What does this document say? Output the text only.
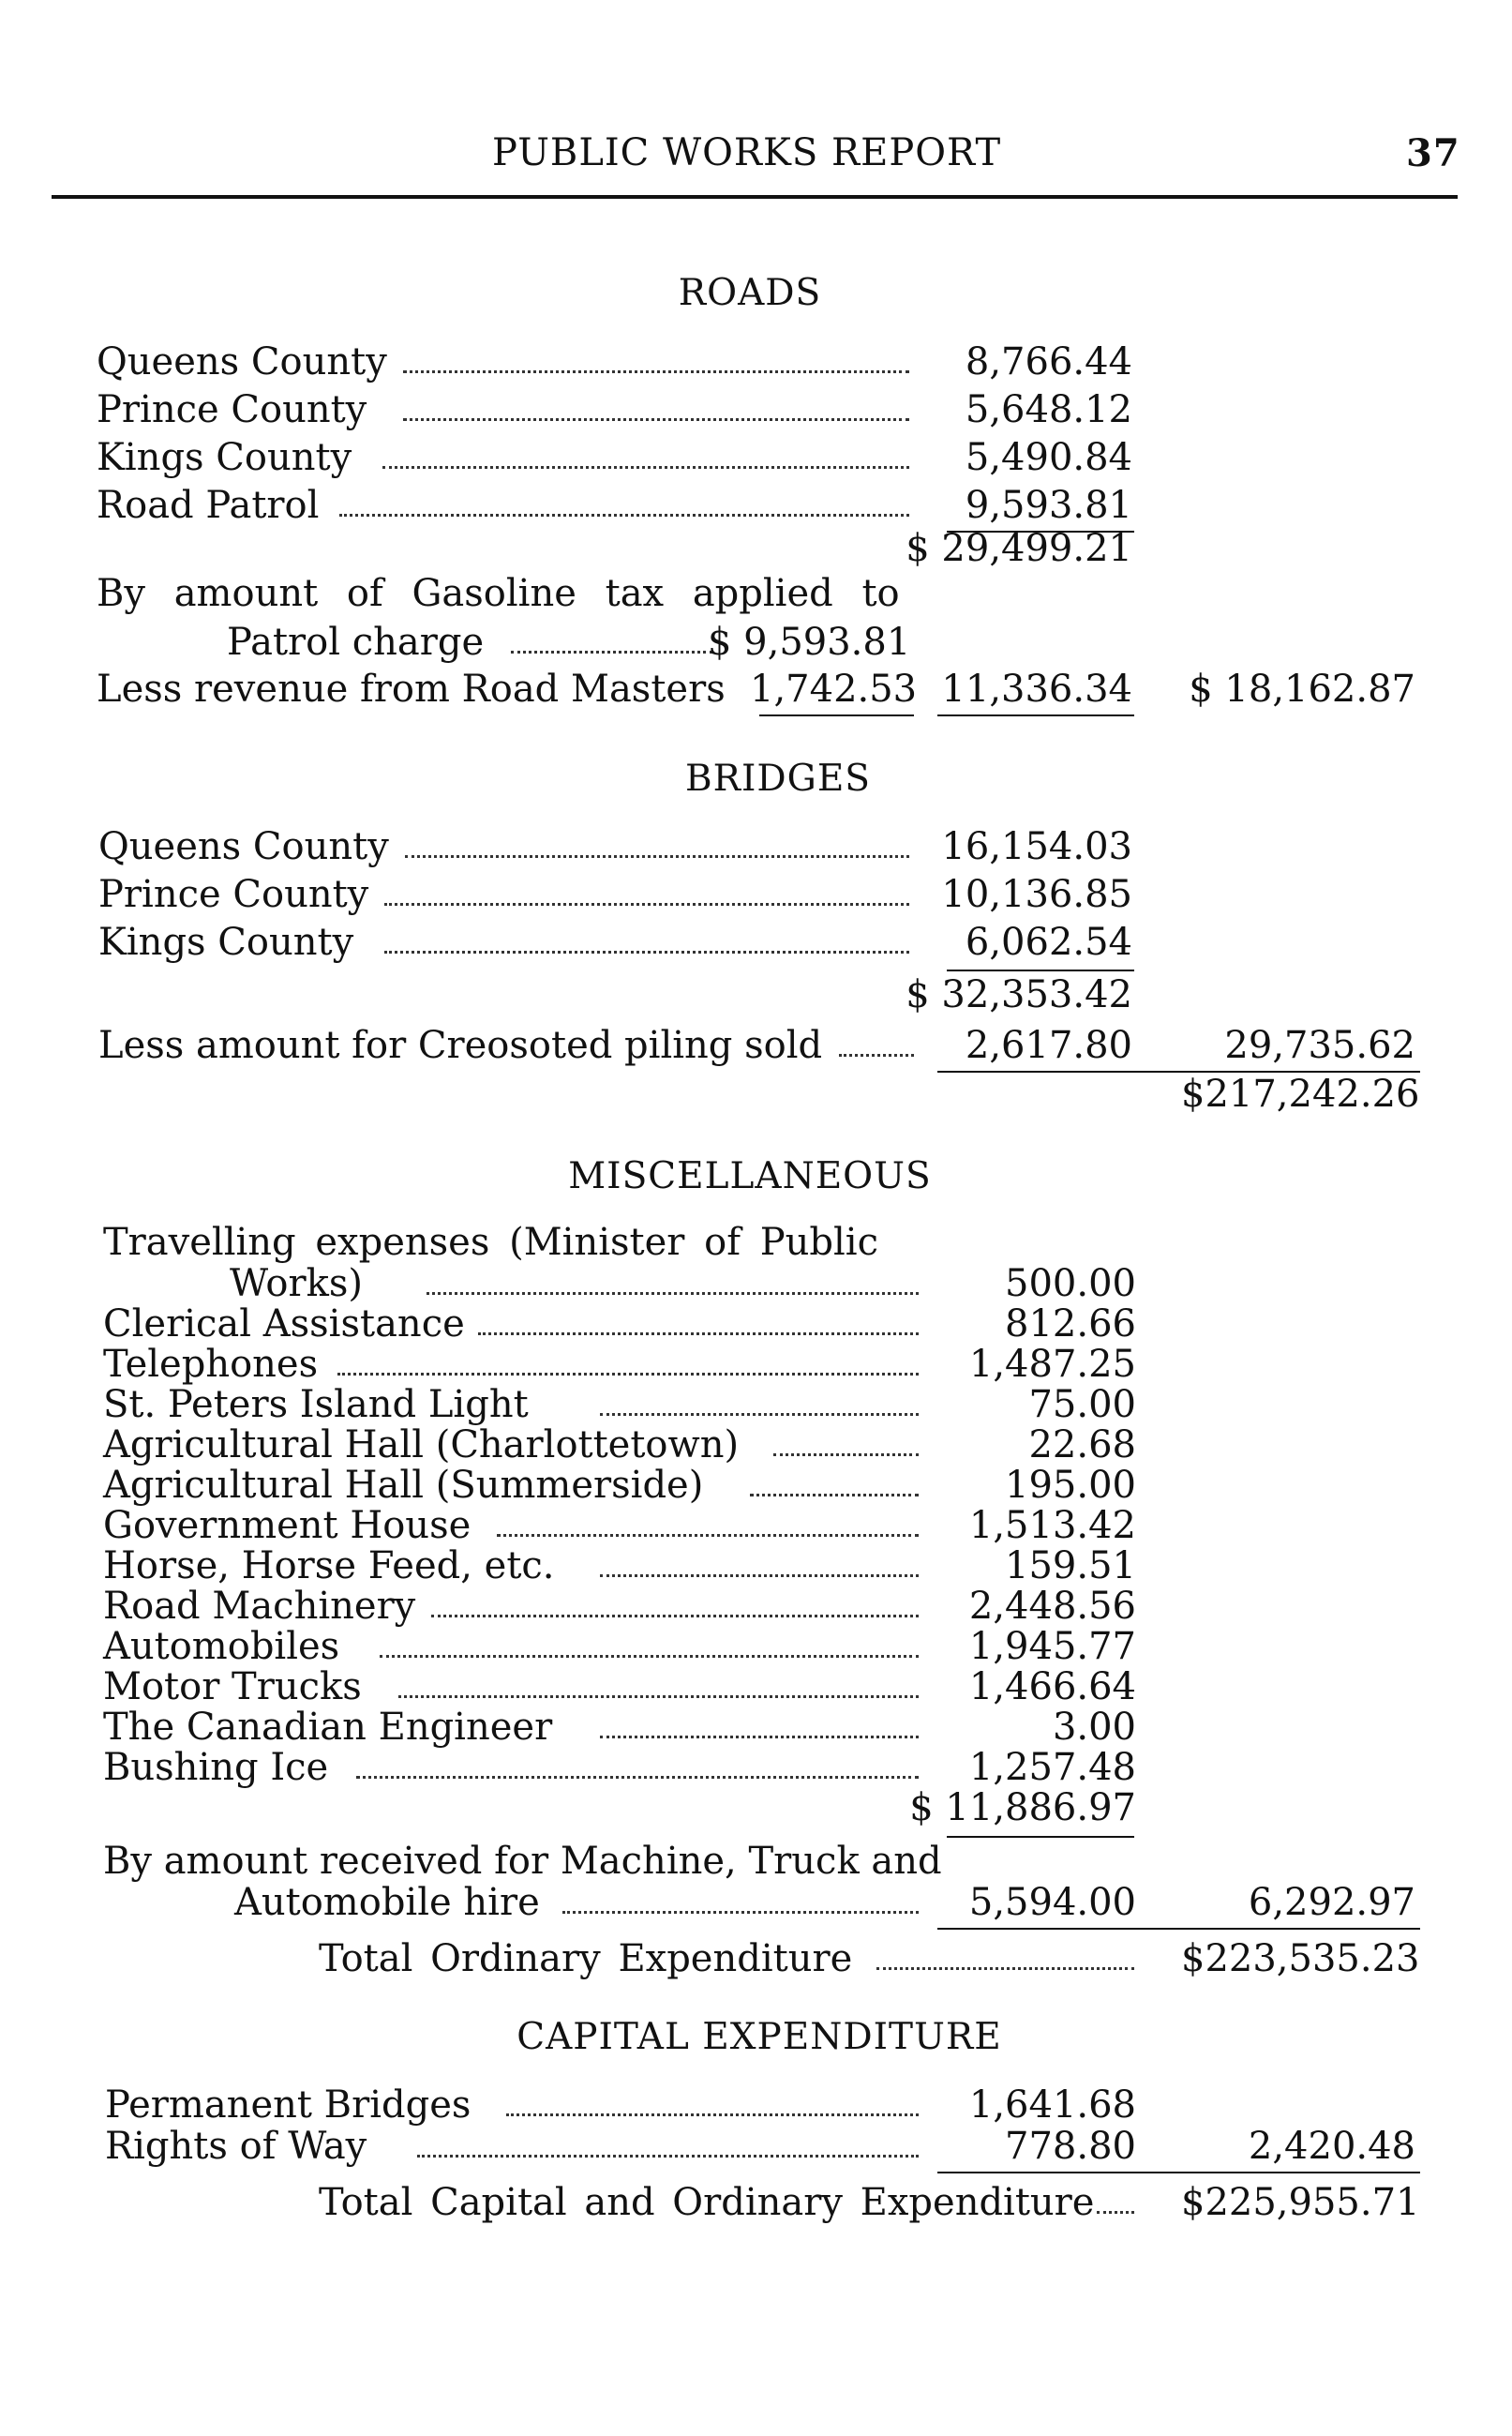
PUBLIC WORKS REPORT	37
ROADS
Queens County	8,766.44
Prince County	5,648.12
Kings County	5,490.84
Road Patrol	9,593.81
$ 29,499.21
By amount of Gasoline tax applied to
Patrol charge	$ 9,593.81
Less revenue from Road Masters 1,742.53 11,336.34 $ 18,162.87
BRIDGES
Queens County	16,154.03
Prince County	10,136.85
Kings County	6,062.54
$ 32,353.42
Less amount for Creosoted piling sold	2,617.80	29,735.62
$217,242.26
MISCELLANEOUS
Travelling expenses (Minister of Public
Works)	500.00
Clerical Assistance	812.66
Telephones	1,487.25
St. Peters Island Light	75.00
Agricultural Hall (Charlottetown)	22.68
Agricultural Hall (Summerside)	195.00
Government House	1,513.42
Horse, Horse Feed, etc.	159.51
Road Machinery	2,448.56
Automobiles	1,945.77
Motor Trucks	1,466.64
The Canadian Engineer	3.00
Bushing Ice	1,257.48
$ 11,886.97
By amount received for Machine, Truck and
Automobile hire	5,594.00	6,292.97
Total Ordinary Expenditure	$223,535.23
CAPITAL EXPENDITURE
Permanent Bridges	1,641.68
Rights of Way	778.80	2,420.48
Total Capital and Ordinary Expenditure $225,955.71
